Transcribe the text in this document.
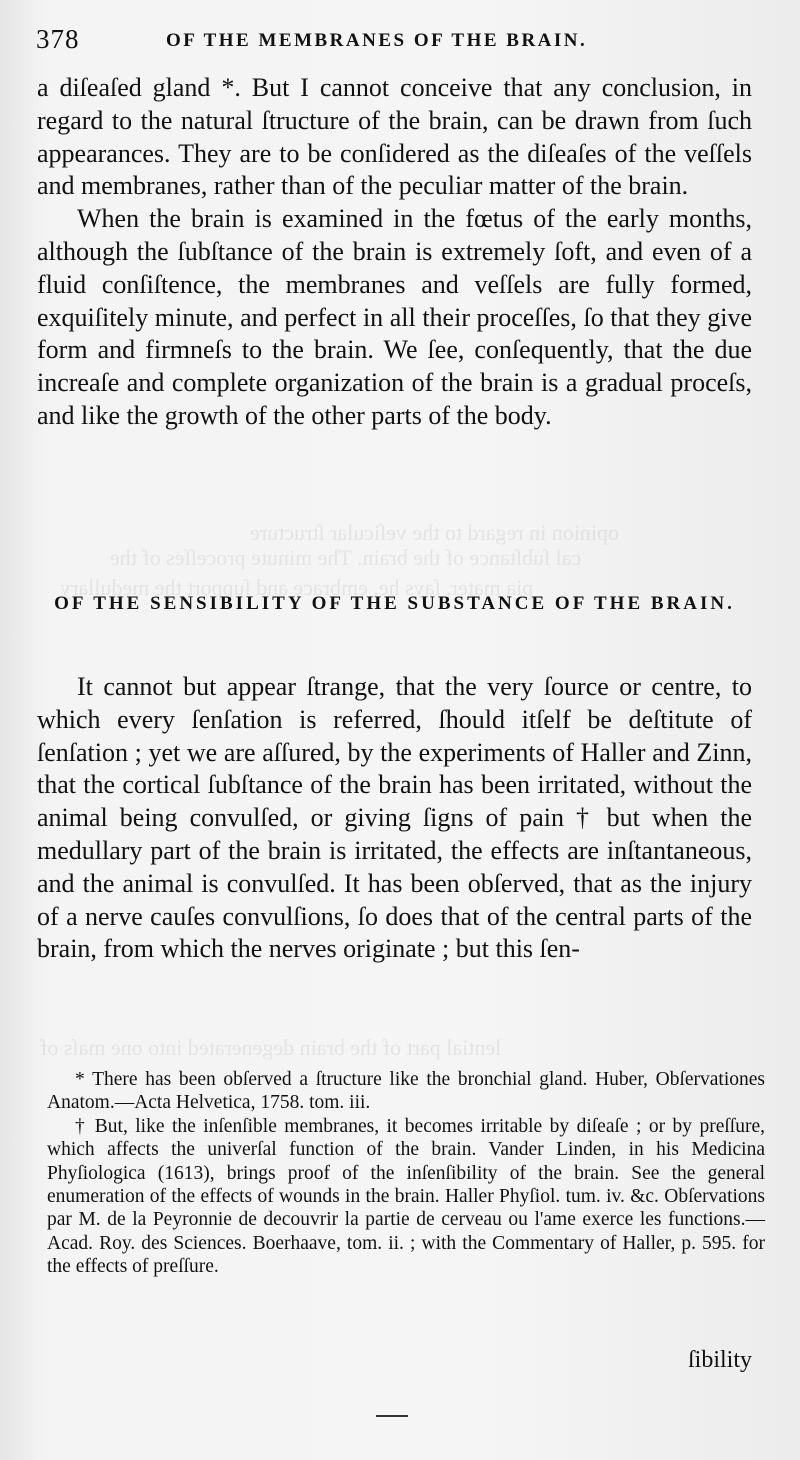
opinion in regard to the veſicular ſtructure
cal ſubſtance of the brain. The minute proceſſes of the
pia mater, ſays he, embrace and ſupport the medullary
lential part of the brain degenerated into one maſs of
378	OF THE MEMBRANES OF THE BRAIN.

a diſeaſed gland *. But I cannot conceive that any conclusion, in regard to the natural ſtructure of the brain, can be drawn from ſuch appearances. They are to be conſidered as the diſeaſes of the veſſels and membranes, rather than of the peculiar matter of the brain.

When the brain is examined in the fœtus of the early months, although the ſubſtance of the brain is extremely ſoft, and even of a fluid conſiſtence, the membranes and veſſels are fully formed, exquiſitely minute, and perfect in all their proceſſes, ſo that they give form and firmneſs to the brain. We ſee, conſequently, that the due increaſe and complete organization of the brain is a gradual proceſs, and like the growth of the other parts of the body.

OF THE SENSIBILITY OF THE SUBSTANCE OF THE BRAIN.

It cannot but appear ſtrange, that the very ſource or centre, to which every ſenſation is referred, ſhould itſelf be deſtitute of ſenſation ; yet we are aſſured, by the experiments of Haller and Zinn, that the cortical ſubſtance of the brain has been irritated, without the animal being convulſed, or giving ſigns of pain † but when the medullary part of the brain is irritated, the effects are inſtantaneous, and the animal is convulſed. It has been obſerved, that as the injury of a nerve cauſes convulſions, ſo does that of the central parts of the brain, from which the nerves originate ; but this ſen-

* There has been obſerved a ſtructure like the bronchial gland. Huber, Obſervationes Anatom.—Acta Helvetica, 1758. tom. iii.

† But, like the inſenſible membranes, it becomes irritable by diſeaſe ; or by preſſure, which affects the univerſal function of the brain. Vander Linden, in his Medicina Phyſiologica (1613), brings proof of the inſenſibility of the brain. See the general enumeration of the effects of wounds in the brain. Haller Phyſiol. tum. iv. &c. Obſervations par M. de la Peyronnie de decouvrir la partie de cerveau ou l'ame exerce les functions.—Acad. Roy. des Sciences. Boerhaave, tom. ii. ; with the Commentary of Haller, p. 595. for the effects of preſſure.

ſibility
